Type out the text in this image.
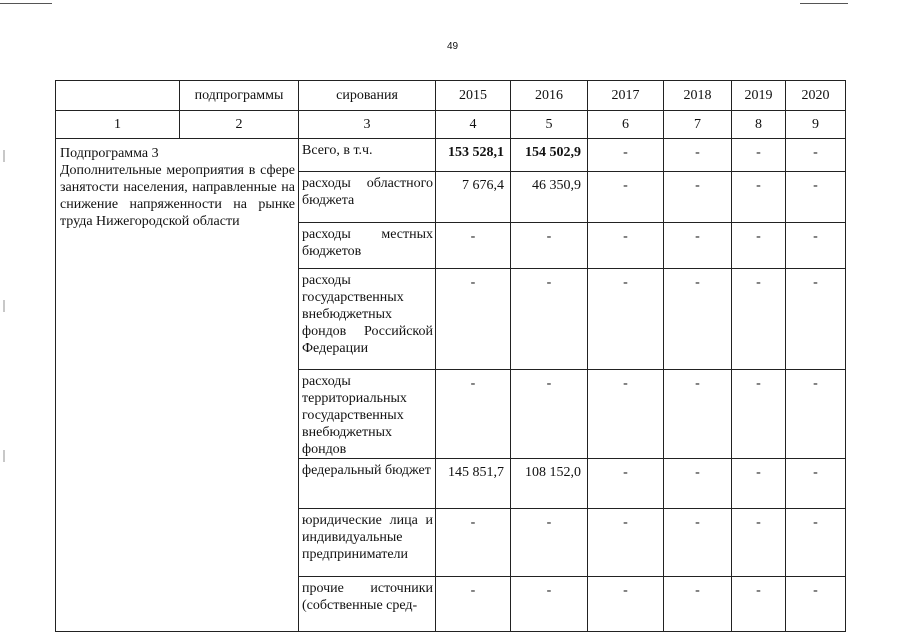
49
	подпрограммы	сирования	2015	2016	2017	2018	2019	2020
1	2	3	4	5	6	7	8	9

Подпрограмма 3
Дополнительные мероприятия в сфере занятости населения, направленные на снижение напряженности на рынке труда Нижегородской области		Всего, в т.ч.	153 528,1	154 502,9	-	-	-	-
		расходы областного бюджета	7 676,4	46 350,9	-	-	-	-
		расходы местных бюджетов	-	-	-	-	-	-
		расходы государственных внебюджетных фондов Российской Федерации	-	-	-	-	-	-
		расходы территориальных государственных внебюджетных фондов	-	-	-	-	-	-
		федеральный бюджет	145 851,7	108 152,0	-	-	-	-
		юридические лица и индивидуальные предприниматели	-	-	-	-	-	-
		прочие источники (собственные сред-	-	-	-	-	-	-
